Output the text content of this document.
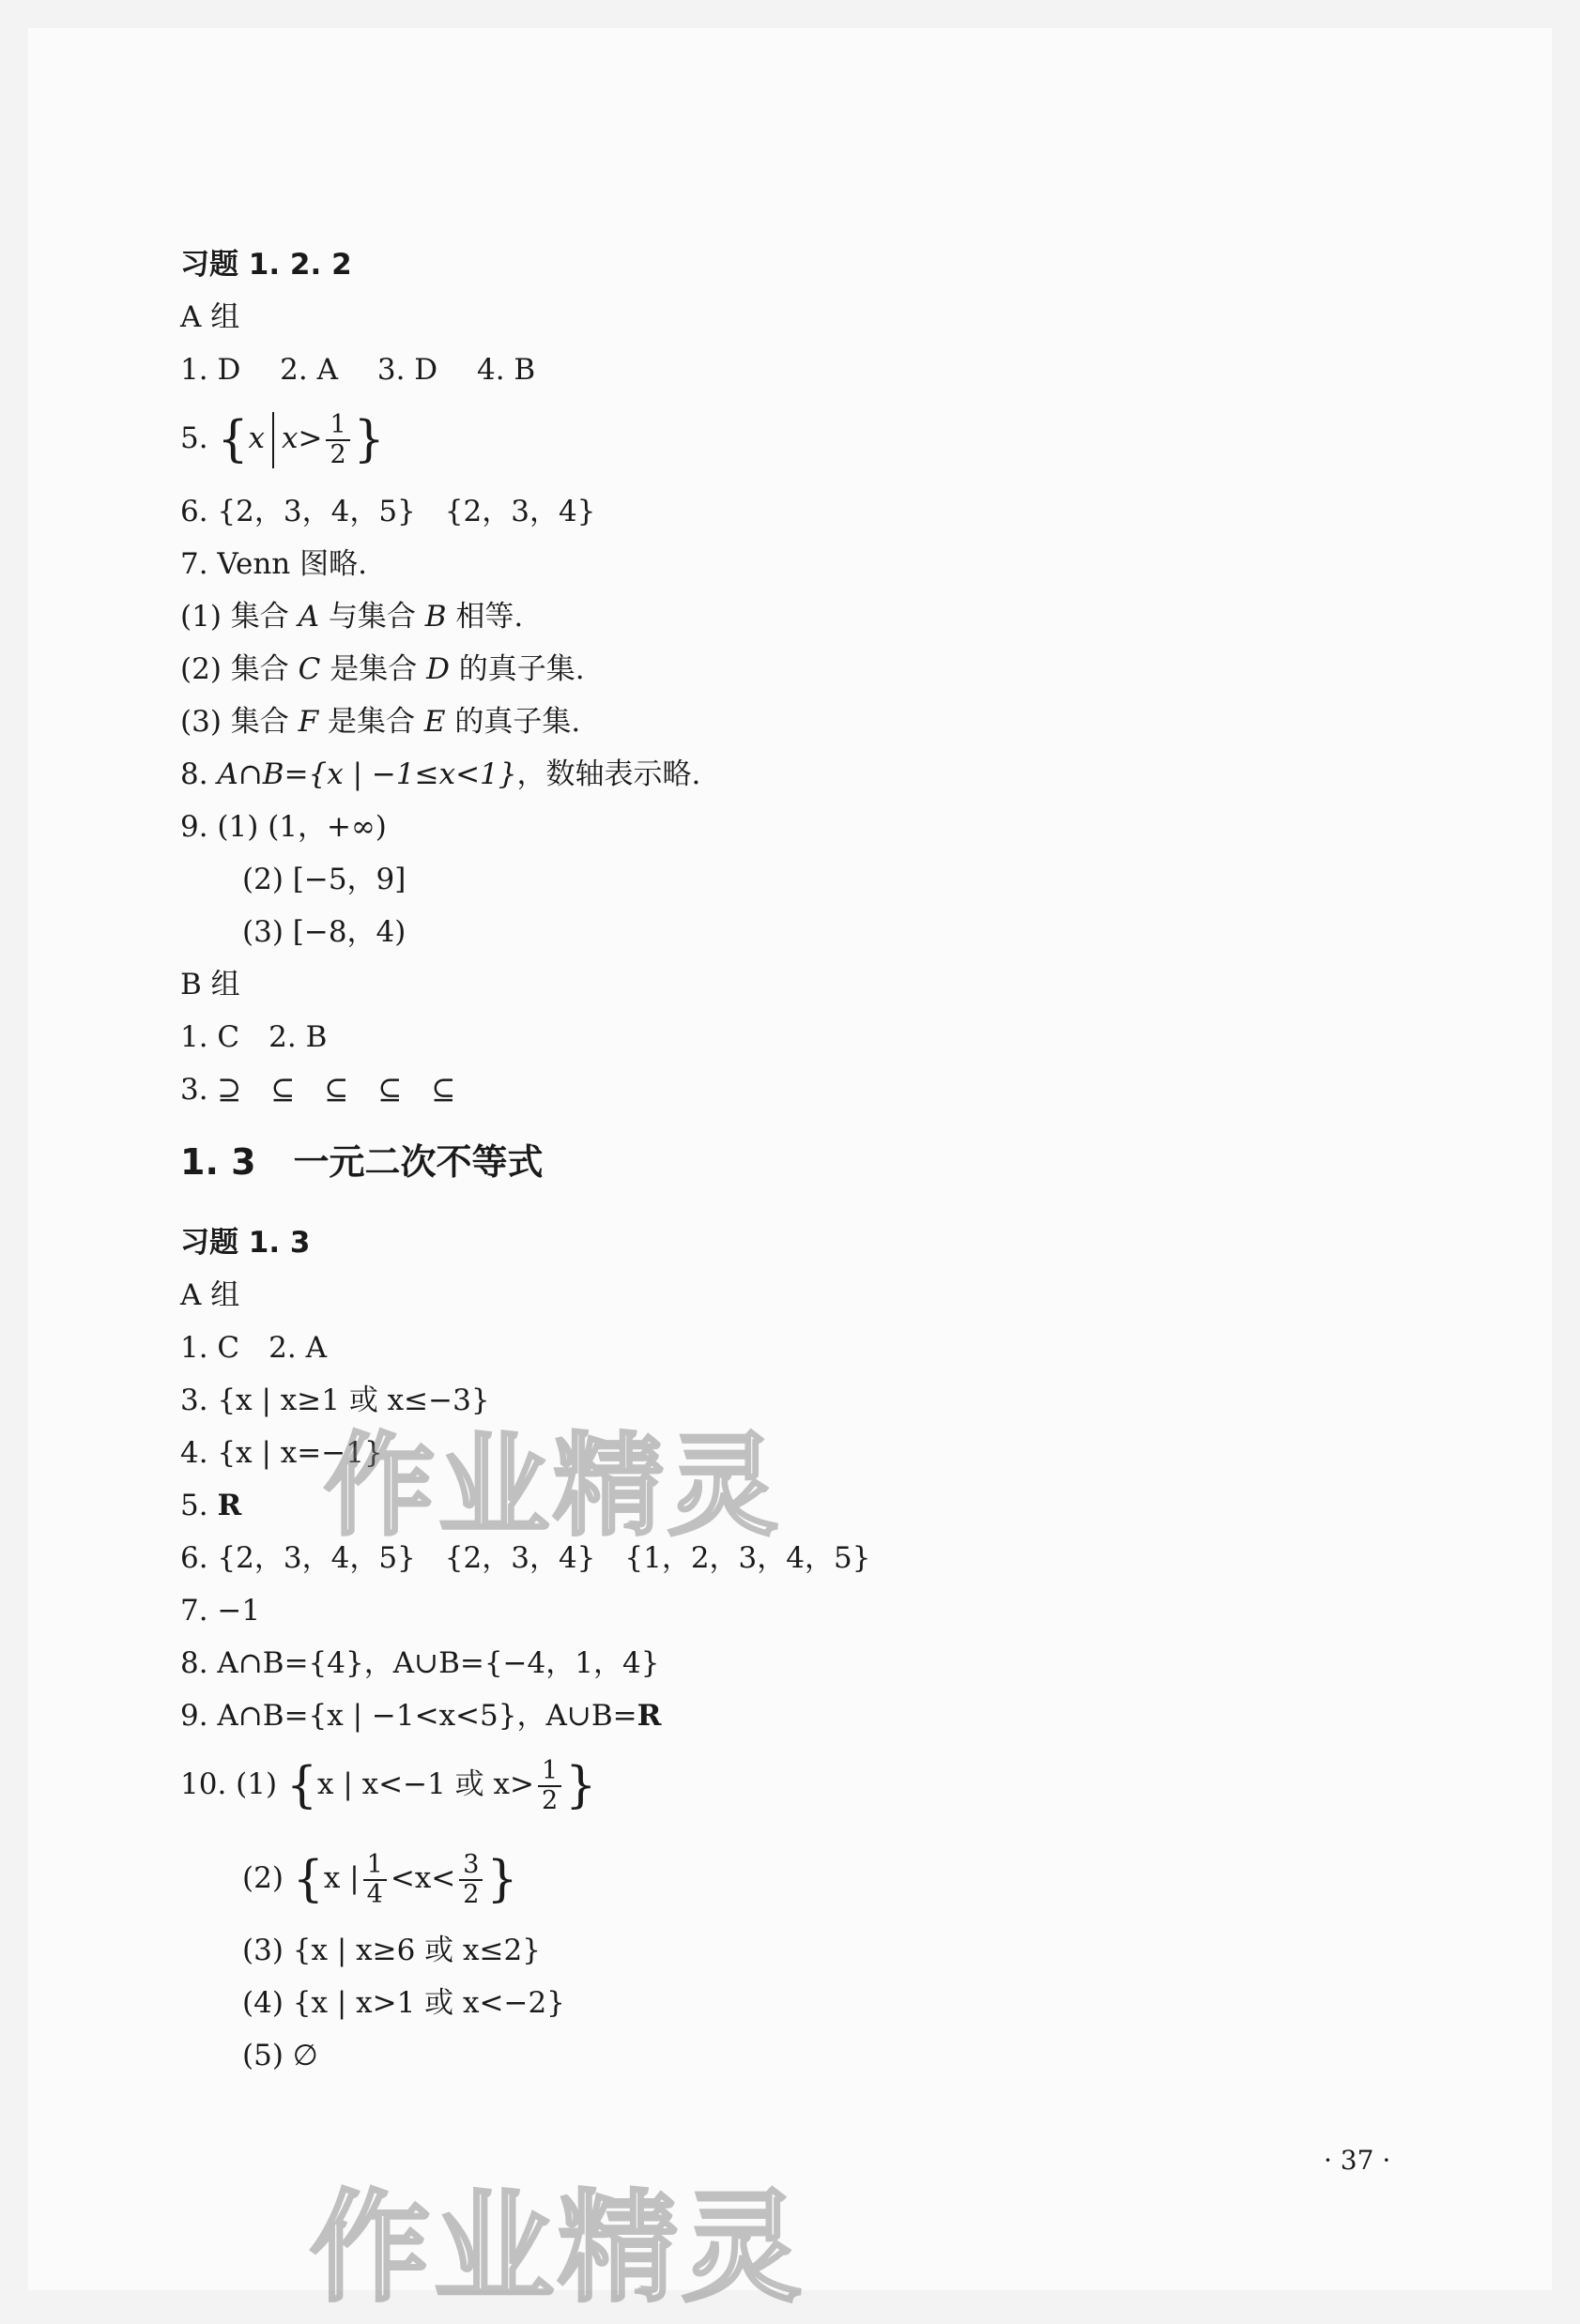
习题 1. 2. 2
A 组
1. D 2. A 3. D 4. B
5. {x $x> \frac{1}{2}$ }
6. {2，3，4，5}　{2，3，4}
7. Venn 图略.
(1) 集合 A 与集合 B 相等.
(2) 集合 C 是集合 D 的真子集.
(3) 集合 F 是集合 E 的真子集.
8. A∩B={x | −1≤x<1}，数轴表示略.
9. (1) (1，+∞)
(2) [−5，9]
(3) [−8，4)
B 组
1. C　2. B
3. ⊇　⊆　⊆　⊆　⊆
1. 3 一元二次不等式
习题 1. 3
A 组
1. C　2. A
3. {x | x≥1 或 x≤−3}
4. {x | x=−1}
5. R
6. {2，3，4，5}　{2，3，4}　{1，2，3，4，5}
7. −1
8. A∩B={4}，A∪B={−4，1，4}
9. A∩B={x | −1<x<5}，A∪B=R
10. (1) {x | x<−1 或 $x> \frac{1}{2}$ }
(2) {x | $\frac{1}{4} <x< \frac{3}{2}$ }
(3) {x | x≥6 或 x≤2}
(4) {x | x>1 或 x<−2}
(5) ∅
· 37 ·
作业精灵
作业精灵
